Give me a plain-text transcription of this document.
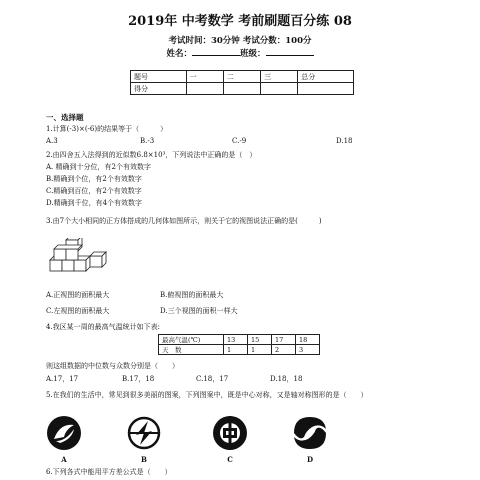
2019年 中考数学 考前刷题百分练 08
考试时间：30分钟 考试分数：100分
姓名：	班级：
题号	一	二	三	总分
得分				
一、选择题
1.计算(-3)×(-6)的结果等于（　　　）
A.3	B.-3	C.-9	D.18
2.由四舍五入法得到的近似数6.8×10³，下列说法中正确的是（　）
A. 精确到十分位，有2个有效数字
B.精确到个位，有2个有效数字
C.精确到百位，有2个有效数字
D.精确到千位，有4个有效数字
3.由7个大小相同的正方体搭成的几何体如图所示，则关于它的视图说法正确的是(　　　)
A.正视图的面积最大	B.俯视图的面积最大
C.左视图的面积最大	D.三个视图的面积一样大
4.我区某一周的最高气温统计如下表:
最高气温(℃)	13	15	17	18
天　数	1	1	2	3
则这组数据的中位数与众数分别是（　　）
A.17，17	B.17，18	C.18，17	D.18，18
5.在我们的生活中，常见到很多美丽的图案，下列图案中，既是中心对称，又是轴对称图形的是（　　）
A	B	C	D
6.下列各式中能用平方差公式是（　　）
